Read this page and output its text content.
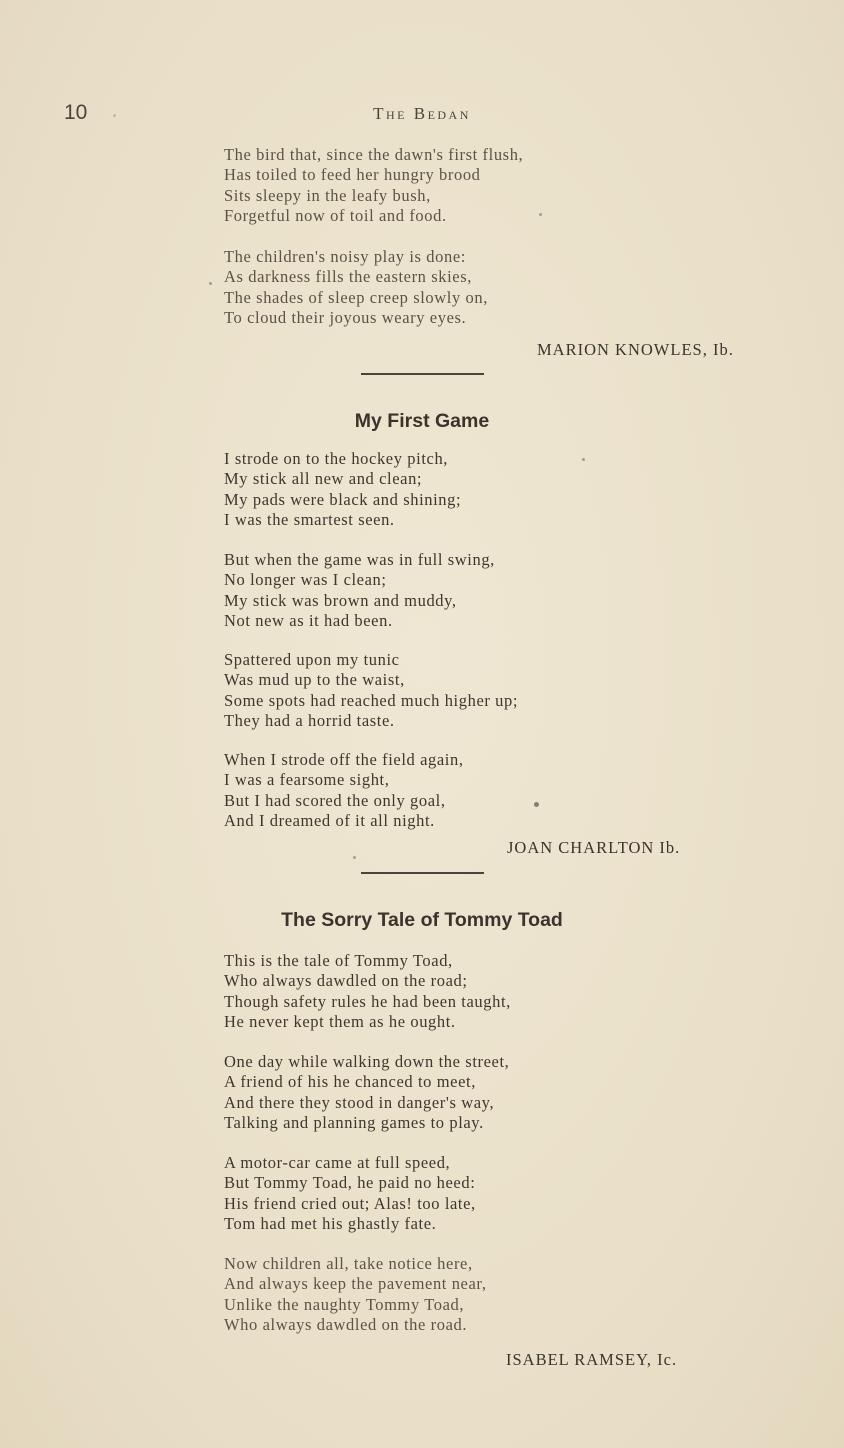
10	The Bedan
The bird that, since the dawn's first flush,
Has toiled to feed her hungry brood
Sits sleepy in the leafy bush,
Forgetful now of toil and food.
The children's noisy play is done:
As darkness fills the eastern skies,
The shades of sleep creep slowly on,
To cloud their joyous weary eyes.
MARION KNOWLES, Ib.
My First Game
I strode on to the hockey pitch,
My stick all new and clean;
My pads were black and shining;
I was the smartest seen.
But when the game was in full swing,
No longer was I clean;
My stick was brown and muddy,
Not new as it had been.
Spattered upon my tunic
Was mud up to the waist,
Some spots had reached much higher up;
They had a horrid taste.
When I strode off the field again,
I was a fearsome sight,
But I had scored the only goal,
And I dreamed of it all night.
JOAN CHARLTON Ib.
The Sorry Tale of Tommy Toad
This is the tale of Tommy Toad,
Who always dawdled on the road;
Though safety rules he had been taught,
He never kept them as he ought.
One day while walking down the street,
A friend of his he chanced to meet,
And there they stood in danger's way,
Talking and planning games to play.
A motor-car came at full speed,
But Tommy Toad, he paid no heed:
His friend cried out; Alas! too late,
Tom had met his ghastly fate.
Now children all, take notice here,
And always keep the pavement near,
Unlike the naughty Tommy Toad,
Who always dawdled on the road.
ISABEL RAMSEY, Ic.
